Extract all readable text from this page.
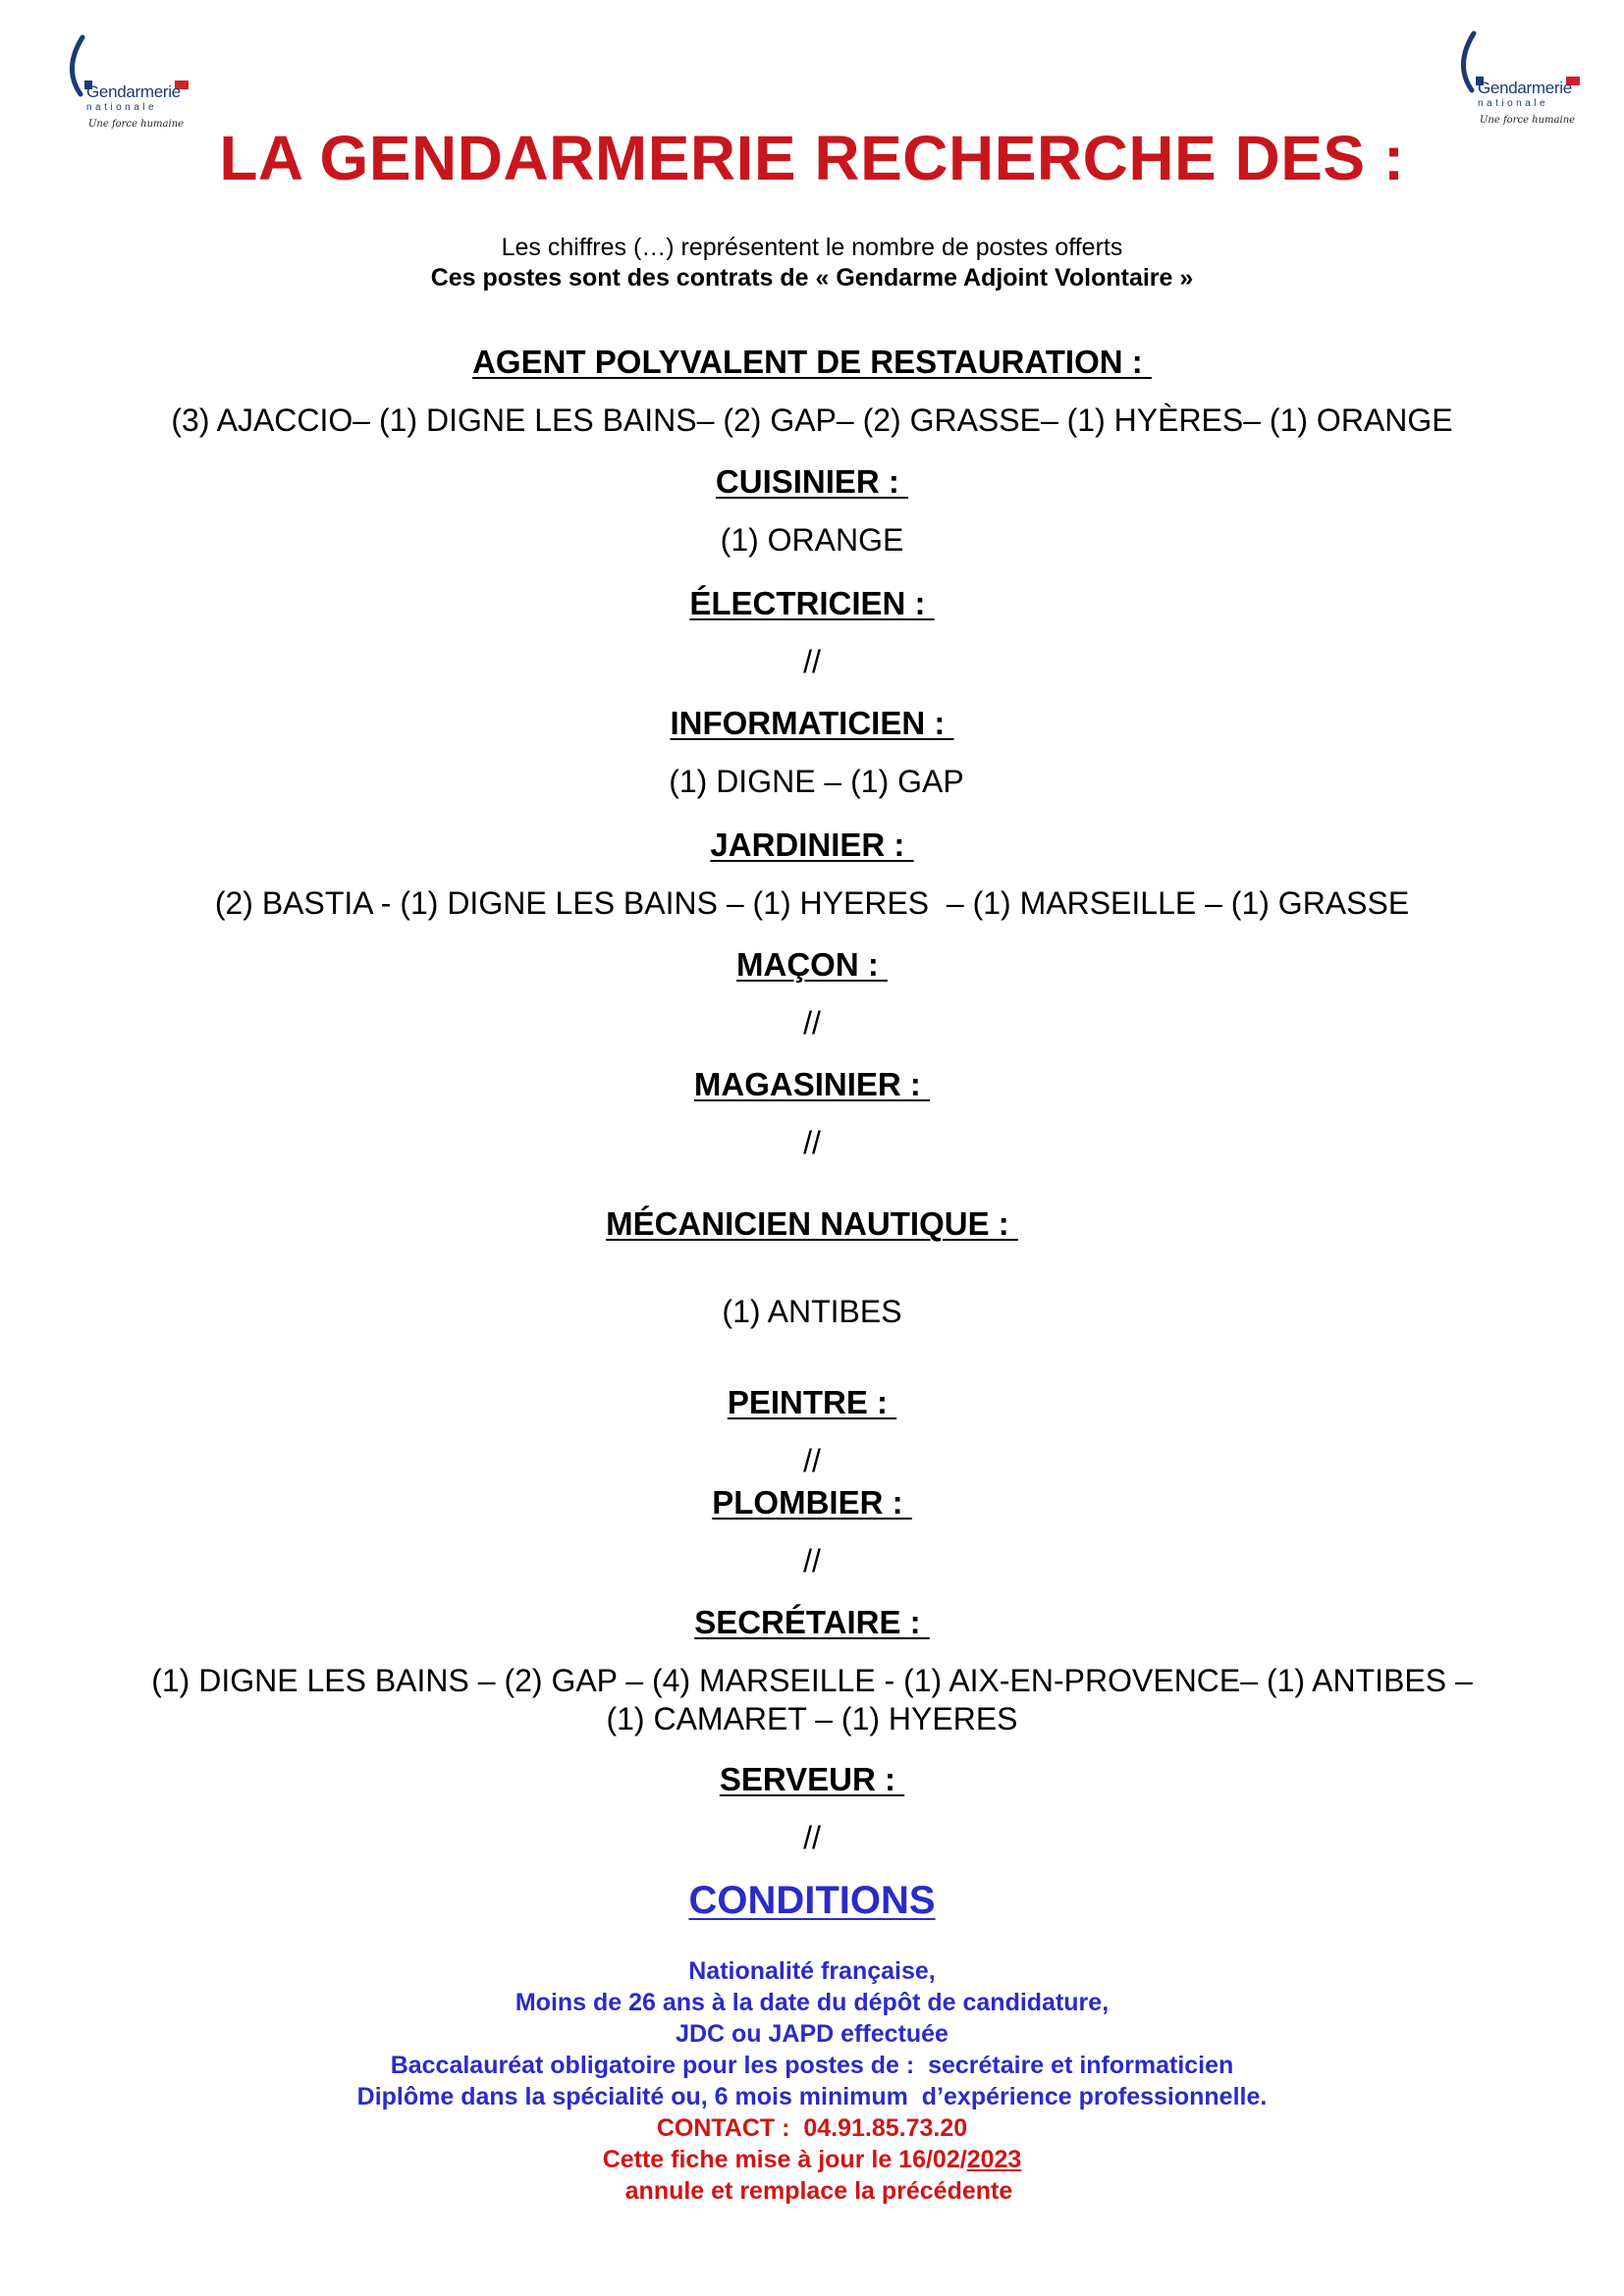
Gendarmerie
nationale
Une force humaine
Gendarmerie
nationale
Une force humaine
LA GENDARMERIE RECHERCHE DES :
Les chiffres (…) représentent le nombre de postes offerts
Ces postes sont des contrats de « Gendarme Adjoint Volontaire »
AGENT POLYVALENT DE RESTAURATION :
(3) AJACCIO– (1) DIGNE LES BAINS– (2) GAP– (2) GRASSE– (1) HYÈRES– (1) ORANGE
CUISINIER :
(1) ORANGE
ÉLECTRICIEN :
//
INFORMATICIEN :
(1) DIGNE – (1) GAP
JARDINIER :
(2) BASTIA - (1) DIGNE LES BAINS – (1) HYERES  – (1) MARSEILLE – (1) GRASSE
MAÇON :
//
MAGASINIER :
//
MÉCANICIEN NAUTIQUE :
(1) ANTIBES
PEINTRE :
//
PLOMBIER :
//
SECRÉTAIRE :
(1) DIGNE LES BAINS – (2) GAP – (4) MARSEILLE - (1) AIX-EN-PROVENCE– (1) ANTIBES –
(1) CAMARET – (1) HYERES
SERVEUR :
//
CONDITIONS
Nationalité française,
Moins de 26 ans à la date du dépôt de candidature,
JDC ou JAPD effectuée
Baccalauréat obligatoire pour les postes de :  secrétaire et informaticien
Diplôme dans la spécialité ou, 6 mois minimum  d’expérience professionnelle.
CONTACT :  04.91.85.73.20
Cette fiche mise à jour le 16/02/2023
annule et remplace la précédente
